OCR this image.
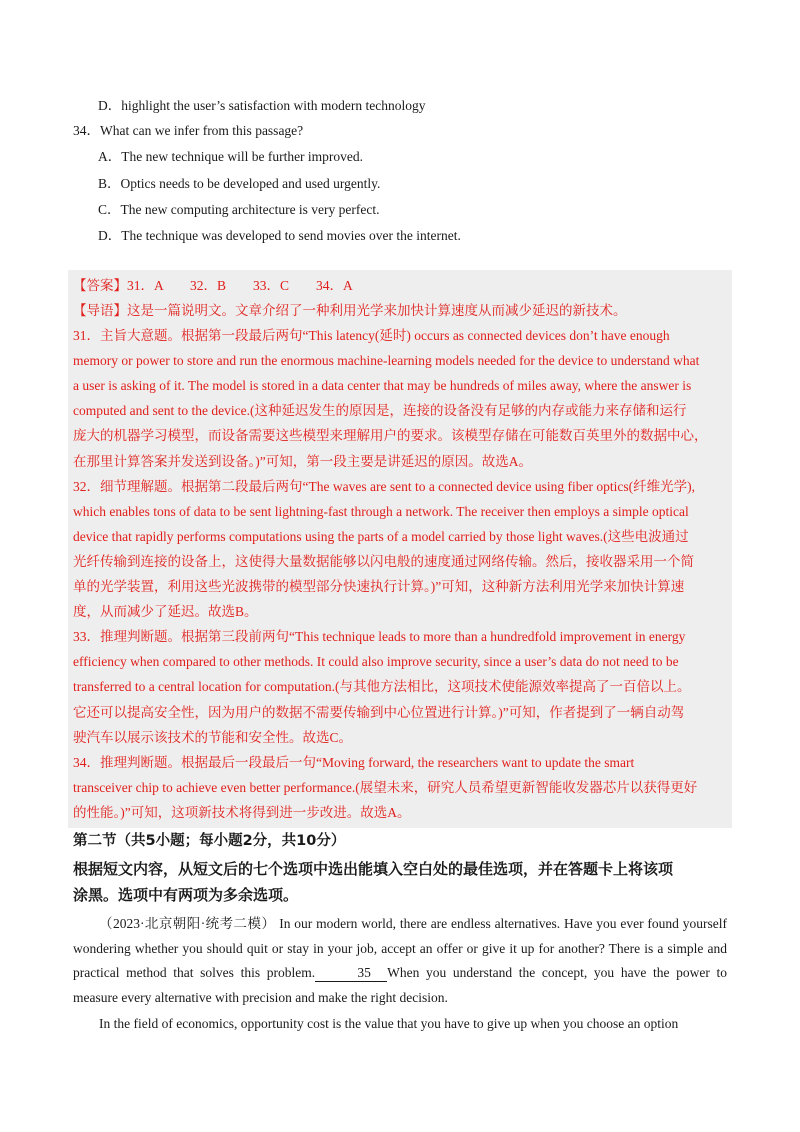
D．highlight the user’s satisfaction with modern technology
34．What can we infer from this passage?
A．The new technique will be further improved.
B．Optics needs to be developed and used urgently.
C．The new computing architecture is very perfect.
D．The technique was developed to send movies over the internet.
【答案】31．A　　32．B　　33．C　　34．A
【导语】这是一篇说明文。文章介绍了一种利用光学来加快计算速度从而减少延迟的新技术。
31．主旨大意题。根据第一段最后两句“This latency(延时) occurs as connected devices don’t have enough
memory or power to store and run the enormous machine-learning models needed for the device to understand what
a user is asking of it. The model is stored in a data center that may be hundreds of miles away, where the answer is
computed and sent to the device.(这种延迟发生的原因是，连接的设备没有足够的内存或能力来存储和运行
庞大的机器学习模型，而设备需要这些模型来理解用户的要求。该模型存储在可能数百英里外的数据中心，
在那里计算答案并发送到设备。)”可知，第一段主要是讲延迟的原因。故选A。
32．细节理解题。根据第二段最后两句“The waves are sent to a connected device using fiber optics(纤维光学),
which enables tons of data to be sent lightning-fast through a network. The receiver then employs a simple optical
device that rapidly performs computations using the parts of a model carried by those light waves.(这些电波通过
光纤传输到连接的设备上，这使得大量数据能够以闪电般的速度通过网络传输。然后，接收器采用一个简
单的光学装置，利用这些光波携带的模型部分快速执行计算。)”可知，这种新方法利用光学来加快计算速
度，从而减少了延迟。故选B。
33．推理判断题。根据第三段前两句“This technique leads to more than a hundredfold improvement in energy
efficiency when compared to other methods. It could also improve security, since a user’s data do not need to be
transferred to a central location for computation.(与其他方法相比，这项技术使能源效率提高了一百倍以上。
它还可以提高安全性，因为用户的数据不需要传输到中心位置进行计算。)”可知，作者提到了一辆自动驾
驶汽车以展示该技术的节能和安全性。故选C。
34．推理判断题。根据最后一段最后一句“Moving forward, the researchers want to update the smart
transceiver chip to achieve even better performance.(展望未来，研究人员希望更新智能收发器芯片以获得更好
的性能。)”可知，这项新技术将得到进一步改进。故选A。
第二节（共5小题；每小题2分，共10分）
根据短文内容，从短文后的七个选项中选出能填入空白处的最佳选项，并在答题卡上将该项
涂黑。选项中有两项为多余选项。
（2023·北京朝阳·统考二模） In our modern world, there are endless alternatives. Have you ever found yourself wondering whether you should quit or stay in your job, accept an offer or give it up for another? There is a simple and practical method that solves this problem.	35 When you understand the concept, you have the power to measure every alternative with precision and make the right decision.
In the field of economics, opportunity cost is the value that you have to give up when you choose an option
